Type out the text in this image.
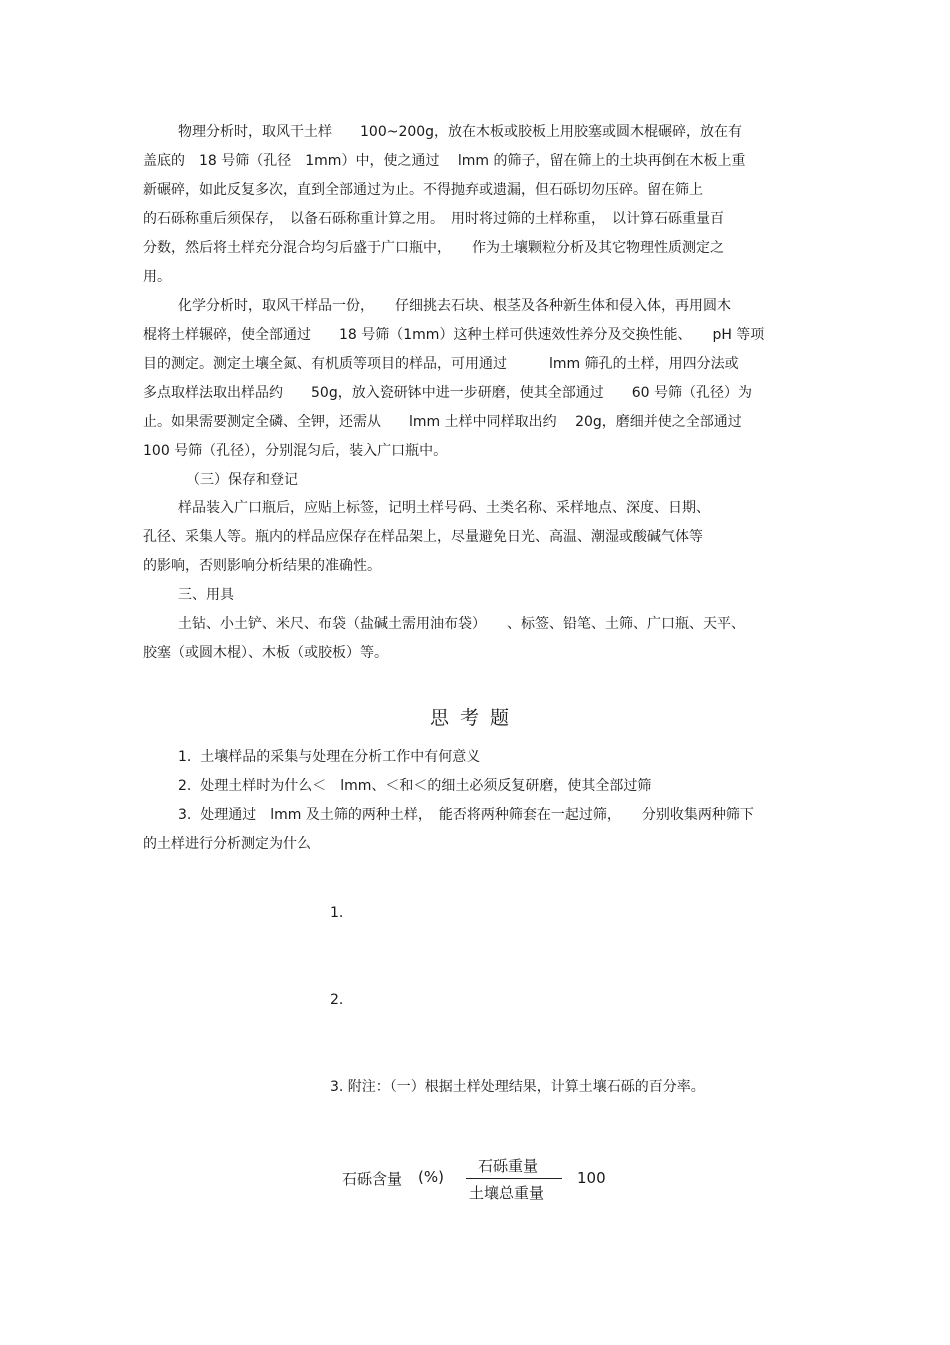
物理分析时，取风干土样　　100~200g，放在木板或胶板上用胶塞或圆木棍碾碎，放在有
盖底的　18 号筛（孔径　1mm）中，使之通过　 lmm 的筛子，留在筛上的土块再倒在木板上重
新碾碎，如此反复多次，直到全部通过为止。不得抛弃或遗漏，但石砾切勿压碎。留在筛上
的石砾称重后须保存，　以备石砾称重计算之用。　用时将过筛的土样称重，　以计算石砾重量百
分数，然后将土样充分混合均匀后盛于广口瓶中，　　作为土壤颗粒分析及其它物理性质测定之
用。
化学分析时，取风干样品一份，　　仔细挑去石块、根茎及各种新生体和侵入体，再用圆木
棍将土样辗碎，使全部通过　　18 号筛（1mm）这种土样可供速效性养分及交换性能、　　pH 等项
目的测定。测定土壤全氮、有机质等项目的样品，可用通过　　　lmm 筛孔的土样，用四分法或
多点取样法取出样品约　　50g，放入瓷研钵中进一步研磨，使其全部通过　　60 号筛（孔径）为
止。如果需要测定全磷、全钾，还需从　　lmm 土样中同样取出约　 20g，磨细并使之全部通过
100 号筛（孔径），分别混匀后，装入广口瓶中。
（三）保存和登记
样品装入广口瓶后，应贴上标签，记明土样号码、土类名称、采样地点、深度、日期、
孔径、采集人等。瓶内的样品应保存在样品架上，尽量避免日光、高温、潮湿或酸碱气体等
的影响，否则影响分析结果的准确性。
三、用具
土钻、小土铲、米尺、布袋（盐碱土需用油布袋）　　、标签、铅笔、土筛、广口瓶、天平、
胶塞（或圆木棍）、木板（或胶板）等。
思考题
1.  土壤样品的采集与处理在分析工作中有何意义
2.  处理土样时为什么＜　lmm、＜和＜的细土必须反复研磨，使其全部过筛
3.  处理通过　lmm 及土筛的两种土样，　能否将两种筛套在一起过筛，　　分别收集两种筛下
的土样进行分析测定为什么
1.
2.
3. 附注：（一）根据土样处理结果，计算土壤石砾的百分率。
石砾含量 (%)
石砾重量
土壤总重量
100
